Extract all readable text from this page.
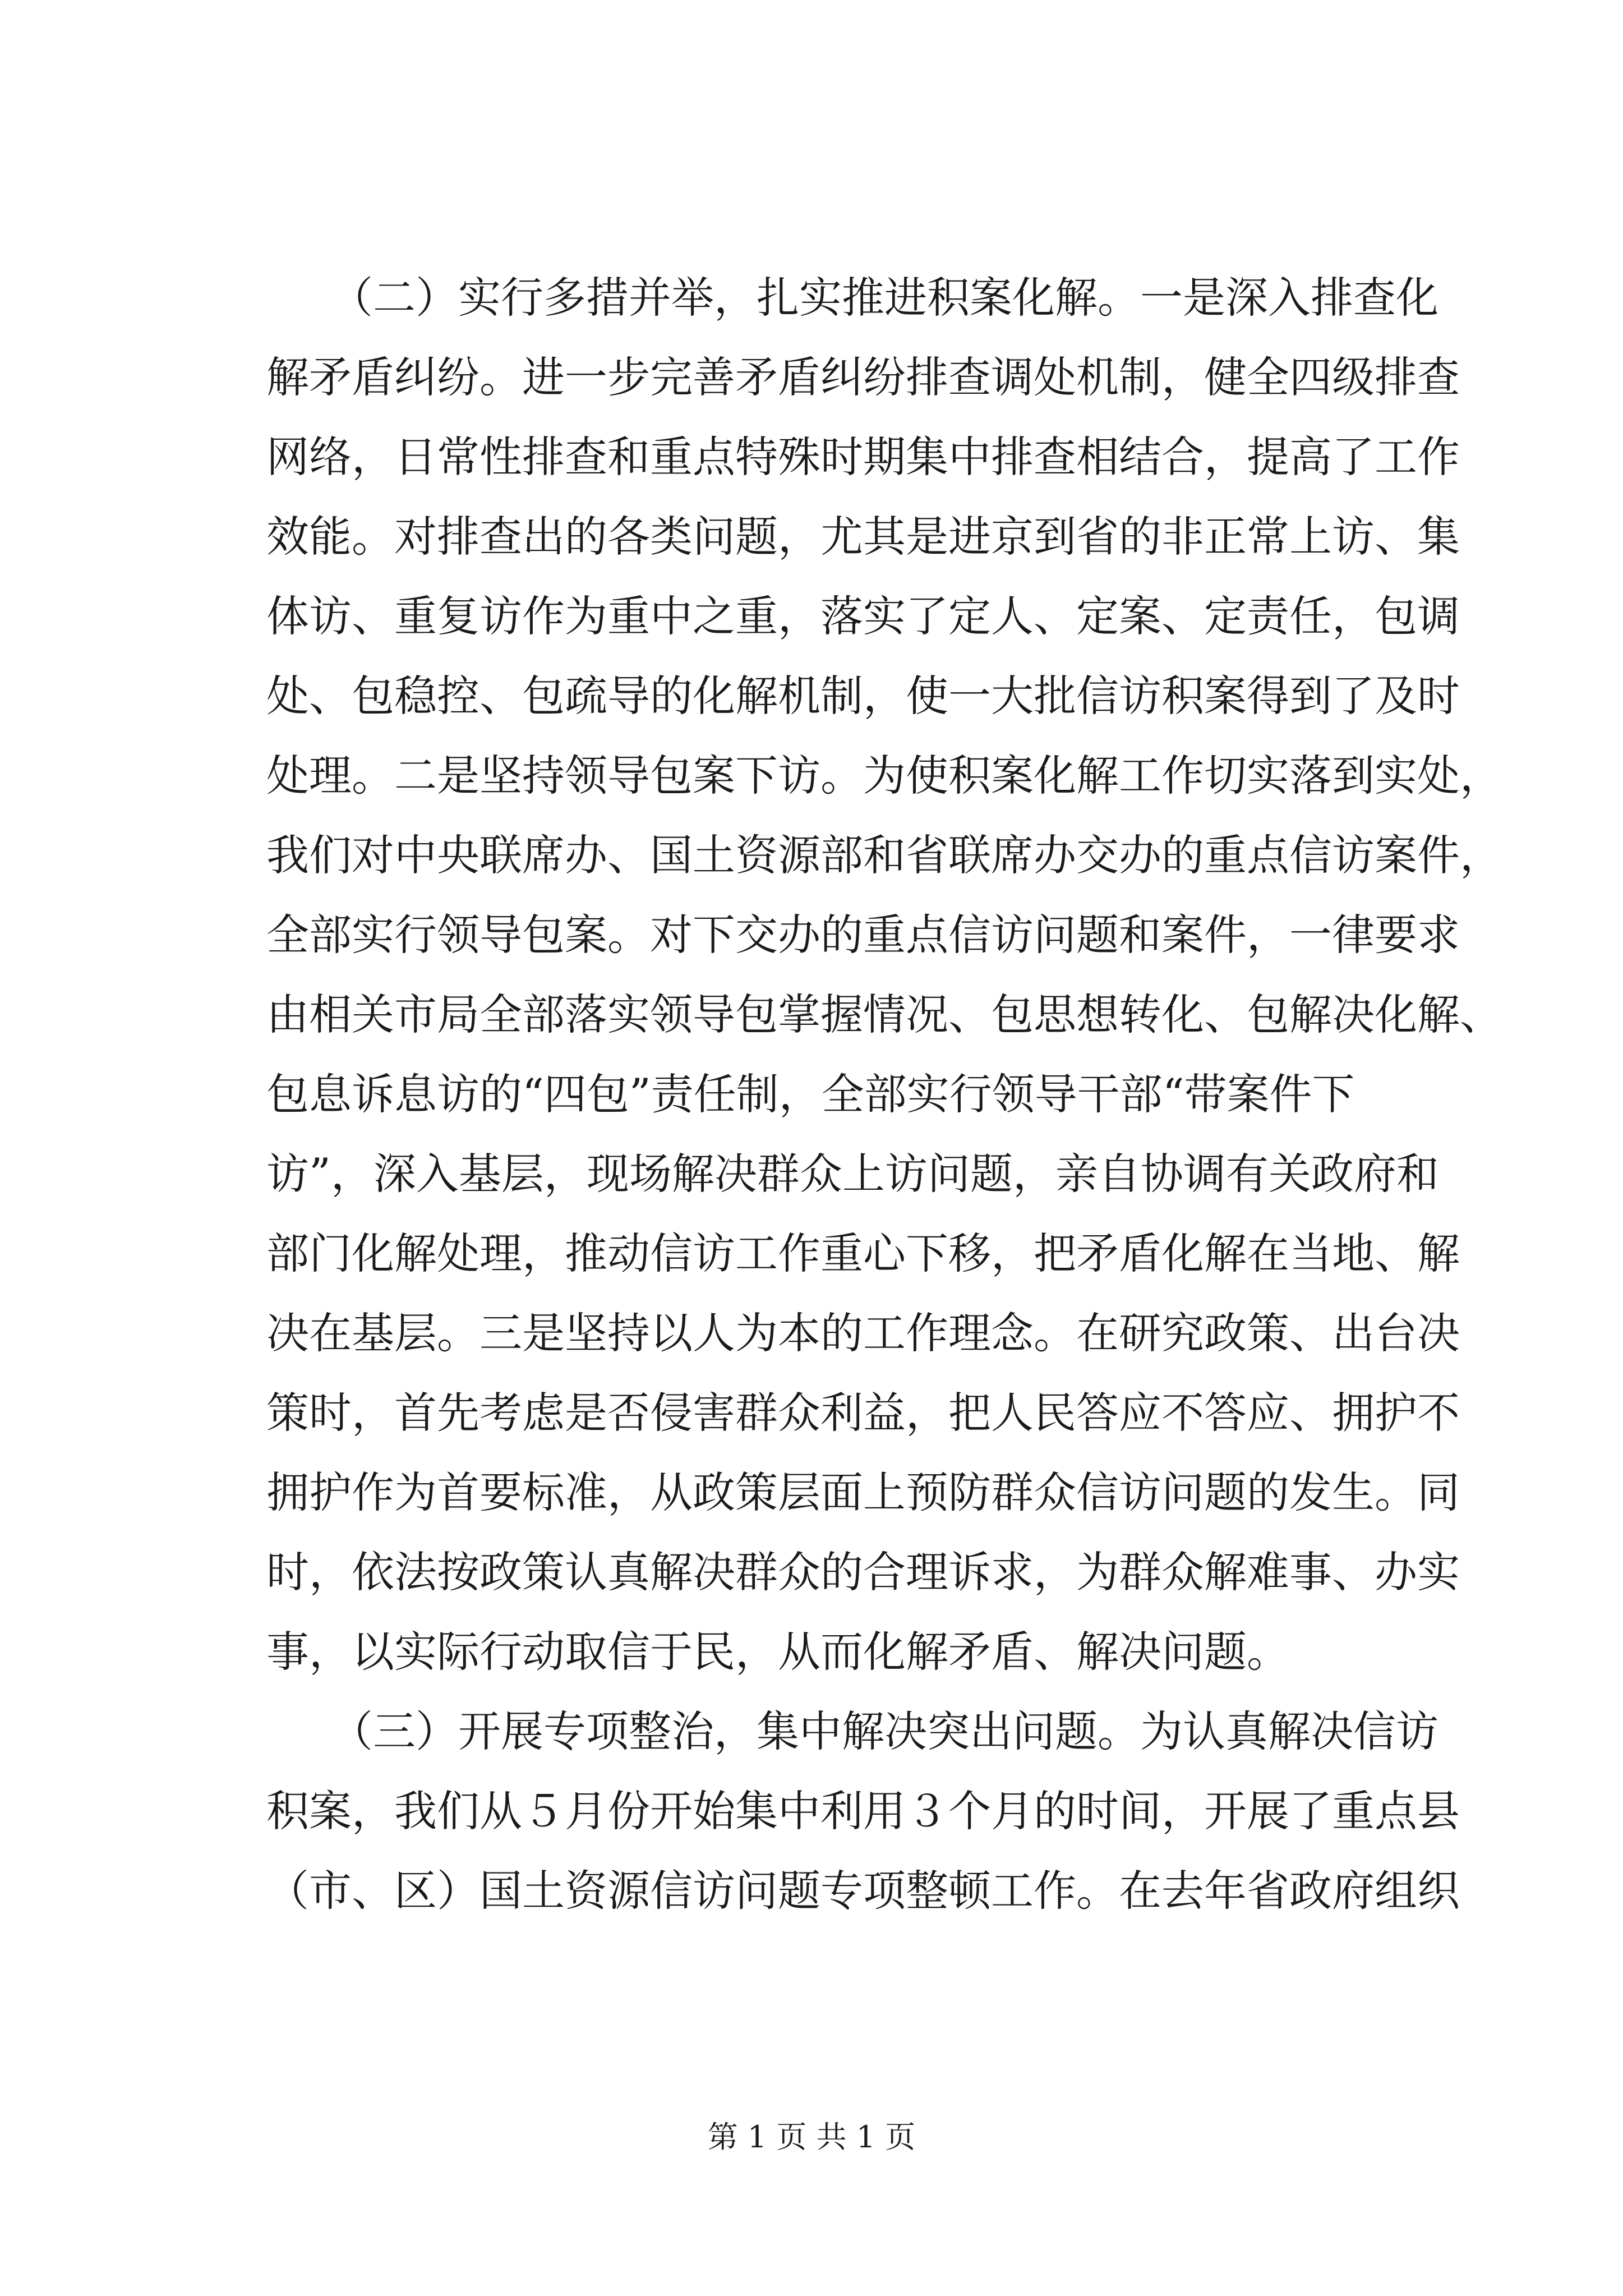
　　（二）实行多措并举，扎实推进积案化解。一是深入排查化
解矛盾纠纷。进一步完善矛盾纠纷排查调处机制，健全四级排查
网络，日常性排查和重点特殊时期集中排查相结合，提高了工作
效能。对排查出的各类问题，尤其是进京到省的非正常上访、集
体访、重复访作为重中之重，落实了定人、定案、定责任，包调
处、包稳控、包疏导的化解机制，使一大批信访积案得到了及时
处理。二是坚持领导包案下访。为使积案化解工作切实落到实处，
我们对中央联席办、国土资源部和省联席办交办的重点信访案件，
全部实行领导包案。对下交办的重点信访问题和案件，一律要求
由相关市局全部落实领导包掌握情况、包思想转化、包解决化解、
包息诉息访的“四包”责任制，全部实行领导干部“带案件下
访”，深入基层，现场解决群众上访问题，亲自协调有关政府和
部门化解处理，推动信访工作重心下移，把矛盾化解在当地、解
决在基层。三是坚持以人为本的工作理念。在研究政策、出台决
策时，首先考虑是否侵害群众利益，把人民答应不答应、拥护不
拥护作为首要标准，从政策层面上预防群众信访问题的发生。同
时，依法按政策认真解决群众的合理诉求，为群众解难事、办实
事，以实际行动取信于民，从而化解矛盾、解决问题。
　　（三）开展专项整治，集中解决突出问题。为认真解决信访
积案，我们从５月份开始集中利用３个月的时间，开展了重点县
（市、区）国土资源信访问题专项整顿工作。在去年省政府组织
第 1 页 共 1 页
